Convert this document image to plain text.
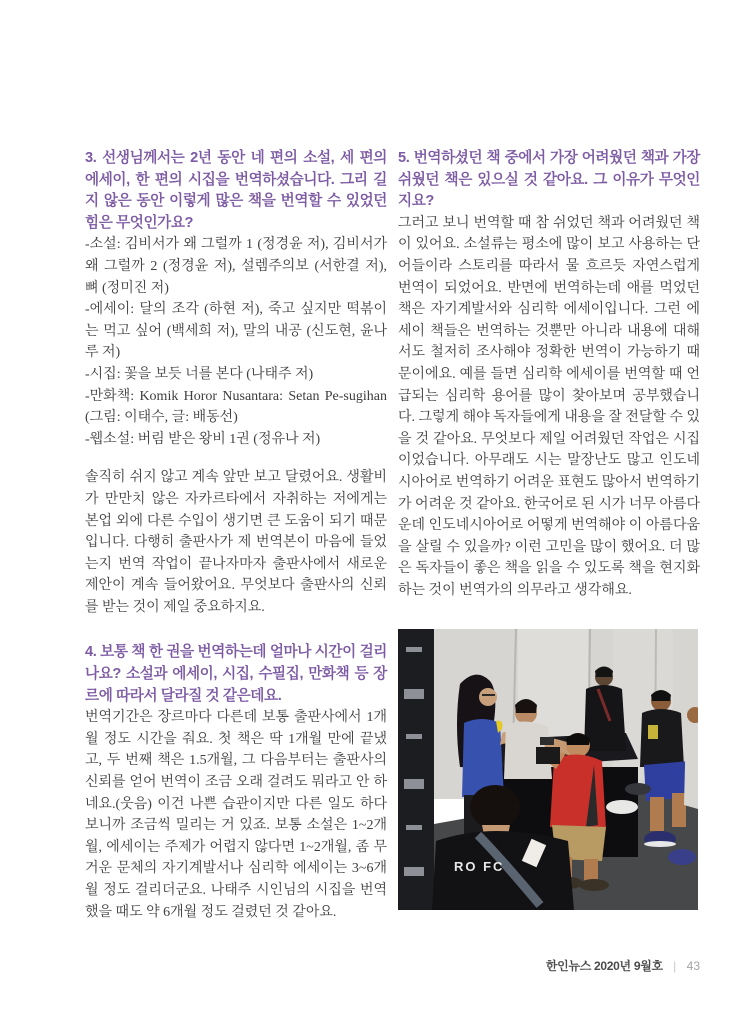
3. 선생님께서는 2년 동안 네 편의 소설, 세 편의 에세이, 한 편의 시집을 번역하셨습니다. 그리 길지 않은 동안 이렇게 많은 책을 번역할 수 있었던 힘은 무엇인가요?

-소설: 김비서가 왜 그럴까 1 (정경윤 저), 김비서가 왜 그럴까 2 (정경윤 저), 설렘주의보 (서한결 저), 뼈 (정미진 저)

-에세이: 달의 조각 (하현 저), 죽고 싶지만 떡볶이는 먹고 싶어 (백세희 저), 말의 내공 (신도현, 윤나루 저)

-시집: 꽃을 보듯 너를 본다 (나태주 저)

-만화책: Komik Horor Nusantara: Setan Pe-sugihan (그림: 이태수, 글: 배동선)

-웹소설: 버림 받은 왕비 1권 (정유나 저)

솔직히 쉬지 않고 계속 앞만 보고 달렸어요. 생활비가 만만치 않은 자카르타에서 자취하는 저에게는 본업 외에 다른 수입이 생기면 큰 도움이 되기 때문입니다. 다행히 출판사가 제 번역본이 마음에 들었는지 번역 작업이 끝나자마자 출판사에서 새로운 제안이 계속 들어왔어요. 무엇보다 출판사의 신뢰를 받는 것이 제일 중요하지요.

4. 보통 책 한 권을 번역하는데 얼마나 시간이 걸리나요? 소설과 에세이, 시집, 수필집, 만화책 등 장르에 따라서 달라질 것 같은데요.

번역기간은 장르마다 다른데 보통 출판사에서 1개월 정도 시간을 줘요. 첫 책은 딱 1개월 만에 끝냈고, 두 번째 책은 1.5개월, 그 다음부터는 출판사의 신뢰를 얻어 번역이 조금 오래 걸려도 뭐라고 안 하네요.(웃음) 이건 나쁜 습관이지만 다른 일도 하다 보니까 조금씩 밀리는 거 있죠. 보통 소설은 1~2개월, 에세이는 주제가 어렵지 않다면 1~2개월, 좀 무거운 문체의 자기계발서나 심리학 에세이는 3~6개월 정도 걸리더군요. 나태주 시인님의 시집을 번역했을 때도 약 6개월 정도 걸렸던 것 같아요.

5. 번역하셨던 책 중에서 가장 어려웠던 책과 가장 쉬웠던 책은 있으실 것 같아요. 그 이유가 무엇인지요?

그러고 보니 번역할 때 참 쉬었던 책과 어려웠던 책이 있어요. 소설류는 평소에 많이 보고 사용하는 단어들이라 스토리를 따라서 물 흐르듯 자연스럽게 번역이 되었어요. 반면에 번역하는데 애를 먹었던 책은 자기계발서와 심리학 에세이입니다. 그런 에세이 책들은 번역하는 것뿐만 아니라 내용에 대해서도 철저히 조사해야 정확한 번역이 가능하기 때문이에요. 예를 들면 심리학 에세이를 번역할 때 언급되는 심리학 용어를 많이 찾아보며 공부했습니다. 그렇게 해야 독자들에게 내용을 잘 전달할 수 있을 것 같아요. 무엇보다 제일 어려웠던 작업은 시집이었습니다. 아무래도 시는 말장난도 많고 인도네시아어로 번역하기 어려운 표현도 많아서 번역하기가 어려운 것 같아요. 한국어로 된 시가 너무 아름다운데 인도네시아어로 어떻게 번역해야 이 아름다움을 살릴 수 있을까? 이런 고민을 많이 했어요. 더 많은 독자들이 좋은 책을 읽을 수 있도록 책을 현지화하는 것이 번역가의 의무라고 생각해요.

RO FC
한인뉴스 2020년 9월호 | 43
